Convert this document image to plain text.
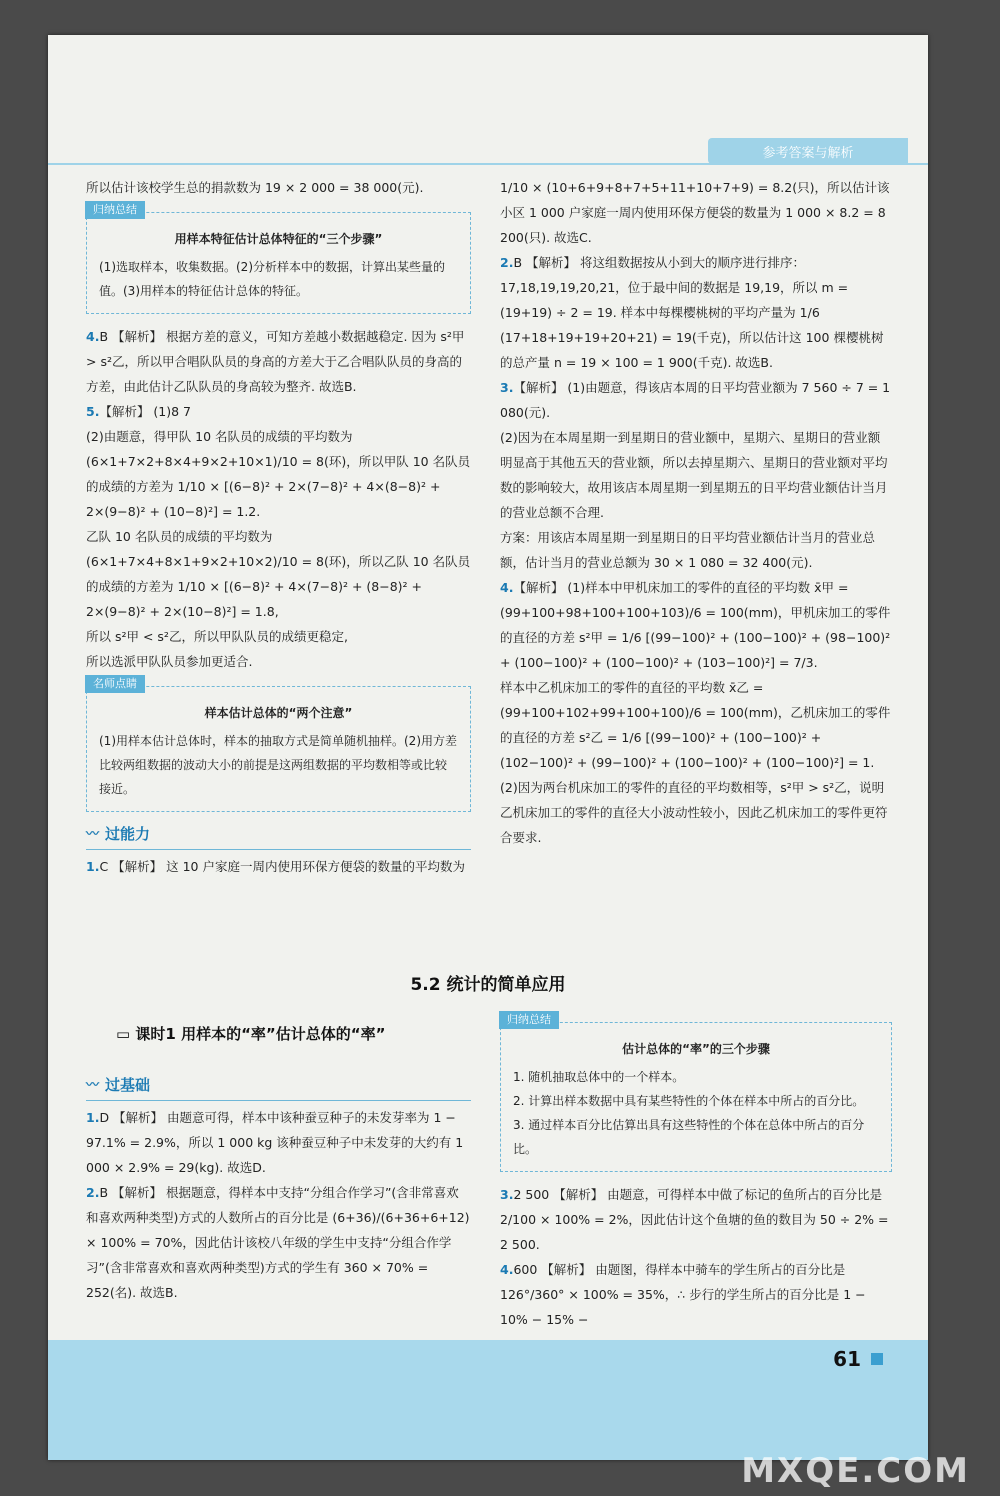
参考答案与解析

所以估计该校学生总的捐款数为 19 × 2 000 = 38 000(元).

归纳总结
用样本特征估计总体特征的“三个步骤”
(1)选取样本，收集数据。(2)分析样本中的数据，计算出某些量的值。(3)用样本的特征估计总体的特征。

4.B 【解析】 根据方差的意义，可知方差越小数据越稳定. 因为 s²甲 > s²乙，所以甲合唱队队员的身高的方差大于乙合唱队队员的身高的方差，由此估计乙队队员的身高较为整齐. 故选B.

5.【解析】 (1)8 7

(2)由题意，得甲队 10 名队员的成绩的平均数为 (6×1+7×2+8×4+9×2+10×1)/10 = 8(环)，所以甲队 10 名队员的成绩的方差为 1/10 × [(6−8)² + 2×(7−8)² + 4×(8−8)² + 2×(9−8)² + (10−8)²] = 1.2.

乙队 10 名队员的成绩的平均数为 (6×1+7×4+8×1+9×2+10×2)/10 = 8(环)，所以乙队 10 名队员的成绩的方差为 1/10 × [(6−8)² + 4×(7−8)² + (8−8)² + 2×(9−8)² + 2×(10−8)²] = 1.8,

所以 s²甲 < s²乙，所以甲队队员的成绩更稳定,

所以选派甲队队员参加更适合.

名师点睛
样本估计总体的“两个注意”
(1)用样本估计总体时，样本的抽取方式是简单随机抽样。(2)用方差比较两组数据的波动大小的前提是这两组数据的平均数相等或比较接近。
〰 过能力

1.C 【解析】 这 10 户家庭一周内使用环保方便袋的数量的平均数为

1/10 × (10+6+9+8+7+5+11+10+7+9) = 8.2(只)，所以估计该小区 1 000 户家庭一周内使用环保方便袋的数量为 1 000 × 8.2 = 8 200(只). 故选C.

2.B 【解析】 将这组数据按从小到大的顺序进行排序：17,18,19,19,20,21，位于最中间的数据是 19,19，所以 m = (19+19) ÷ 2 = 19. 样本中每棵樱桃树的平均产量为 1/6 (17+18+19+19+20+21) = 19(千克)，所以估计这 100 棵樱桃树的总产量 n = 19 × 100 = 1 900(千克). 故选B.

3.【解析】 (1)由题意，得该店本周的日平均营业额为 7 560 ÷ 7 = 1 080(元).

(2)因为在本周星期一到星期日的营业额中，星期六、星期日的营业额明显高于其他五天的营业额，所以去掉星期六、星期日的营业额对平均数的影响较大，故用该店本周星期一到星期五的日平均营业额估计当月的营业总额不合理.

方案：用该店本周星期一到星期日的日平均营业额估计当月的营业总额，估计当月的营业总额为 30 × 1 080 = 32 400(元).

4.【解析】 (1)样本中甲机床加工的零件的直径的平均数 x̄甲 = (99+100+98+100+100+103)/6 = 100(mm)，甲机床加工的零件的直径的方差 s²甲 = 1/6 [(99−100)² + (100−100)² + (98−100)² + (100−100)² + (100−100)² + (103−100)²] = 7/3.

样本中乙机床加工的零件的直径的平均数 x̄乙 = (99+100+102+99+100+100)/6 = 100(mm)，乙机床加工的零件的直径的方差 s²乙 = 1/6 [(99−100)² + (100−100)² + (102−100)² + (99−100)² + (100−100)² + (100−100)²] = 1.

(2)因为两台机床加工的零件的直径的平均数相等，s²甲 > s²乙，说明乙机床加工的零件的直径大小波动性较小，因此乙机床加工的零件更符合要求.

5.2 统计的简单应用
▭ 课时1 用样本的“率”估计总体的“率”
〰 过基础

1.D 【解析】 由题意可得，样本中该种蚕豆种子的未发芽率为 1 − 97.1% = 2.9%，所以 1 000 kg 该种蚕豆种子中未发芽的大约有 1 000 × 2.9% = 29(kg). 故选D.

2.B 【解析】 根据题意，得样本中支持“分组合作学习”(含非常喜欢和喜欢两种类型)方式的人数所占的百分比是 (6+36)/(6+36+6+12) × 100% = 70%，因此估计该校八年级的学生中支持“分组合作学习”(含非常喜欢和喜欢两种类型)方式的学生有 360 × 70% = 252(名). 故选B.

归纳总结
估计总体的“率”的三个步骤
1. 随机抽取总体中的一个样本。
2. 计算出样本数据中具有某些特性的个体在样本中所占的百分比。
3. 通过样本百分比估算出具有这些特性的个体在总体中所占的百分比。

3.2 500 【解析】 由题意，可得样本中做了标记的鱼所占的百分比是 2/100 × 100% = 2%，因此估计这个鱼塘的鱼的数目为 50 ÷ 2% = 2 500.

4.600 【解析】 由题图，得样本中骑车的学生所占的百分比是 126°/360° × 100% = 35%，∴ 步行的学生所占的百分比是 1 − 10% − 15% −

61
MXQE.COM
